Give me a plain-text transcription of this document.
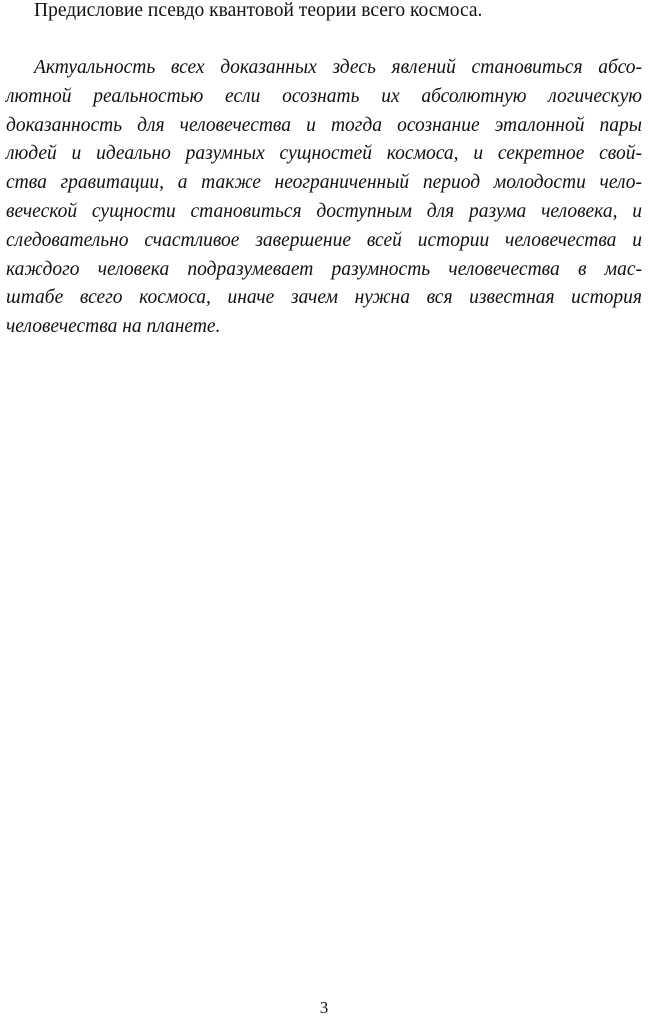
Предисловие псевдо квантовой теории всего космоса.

Актуальность всех доказанных здесь явлений становиться абсо-
лютной реальностью если осознать их абсолютную логическую
доказанность для человечества и тогда осознание эталонной пары
людей и идеально разумных сущностей космоса, и секретное свой-
ства гравитации, а также неограниченный период молодости чело-
веческой сущности становиться доступным для разума человека, и
следовательно счастливое завершение всей истории человечества и
каждого человека подразумевает разумность человечества в мас-
штабе всего космоса, иначе зачем нужна вся известная история
человечества на планете.

3
